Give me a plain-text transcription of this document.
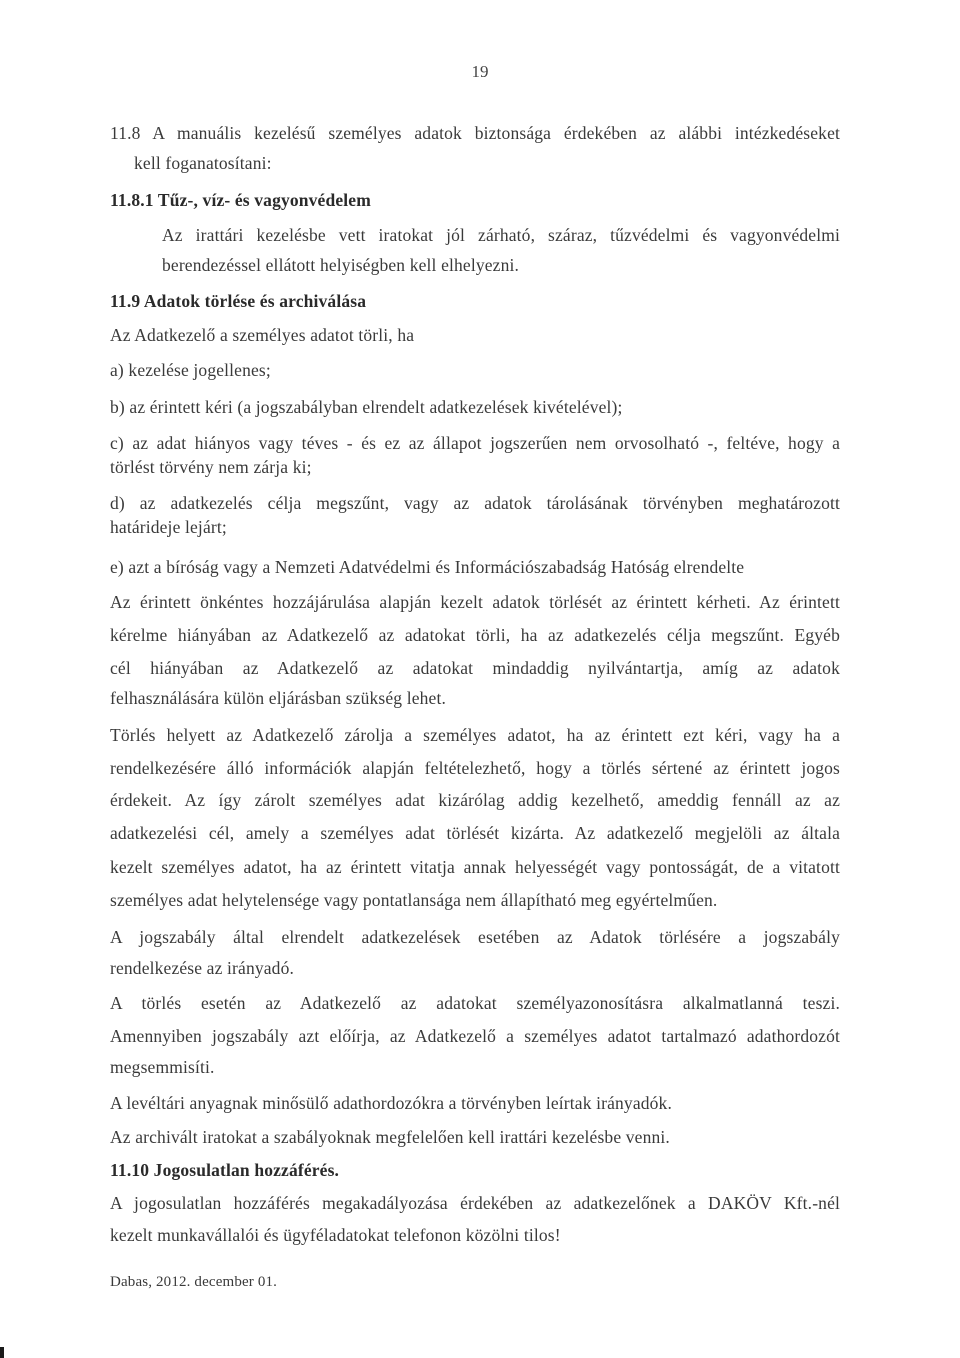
19
11.8 A manuális kezelésű személyes adatok biztonsága érdekében az alábbi intézkedéseket
kell foganatosítani:
11.8.1 Tűz-, víz- és vagyonvédelem
Az irattári kezelésbe vett iratokat jól zárható, száraz, tűzvédelmi és vagyonvédelmi
berendezéssel ellátott helyiségben kell elhelyezni.
11.9 Adatok törlése és archiválása
Az Adatkezelő a személyes adatot törli, ha
a) kezelése jogellenes;
b) az érintett kéri (a jogszabályban elrendelt adatkezelések kivételével);
c) az adat hiányos vagy téves - és ez az állapot jogszerűen nem orvosolható -, feltéve, hogy a
törlést törvény nem zárja ki;
d) az adatkezelés célja megszűnt, vagy az adatok tárolásának törvényben meghatározott
határideje lejárt;
e) azt a bíróság vagy a Nemzeti Adatvédelmi és Információszabadság Hatóság elrendelte
Az érintett önkéntes hozzájárulása alapján kezelt adatok törlését az érintett kérheti. Az érintett
kérelme hiányában az Adatkezelő az adatokat törli, ha az adatkezelés célja megszűnt. Egyéb
cél hiányában az Adatkezelő az adatokat mindaddig nyilvántartja, amíg az adatok
felhasználására külön eljárásban szükség lehet.
Törlés helyett az Adatkezelő zárolja a személyes adatot, ha az érintett ezt kéri, vagy ha a
rendelkezésére álló információk alapján feltételezhető, hogy a törlés sértené az érintett jogos
érdekeit. Az így zárolt személyes adat kizárólag addig kezelhető, ameddig fennáll az az
adatkezelési cél, amely a személyes adat törlését kizárta. Az adatkezelő megjelöli az általa
kezelt személyes adatot, ha az érintett vitatja annak helyességét vagy pontosságát, de a vitatott
személyes adat helytelensége vagy pontatlansága nem állapítható meg egyértelműen.
A jogszabály által elrendelt adatkezelések esetében az Adatok törlésére a jogszabály
rendelkezése az irányadó.
A törlés esetén az Adatkezelő az adatokat személyazonosításra alkalmatlanná teszi.
Amennyiben jogszabály azt előírja, az Adatkezelő a személyes adatot tartalmazó adathordozót
megsemmisíti.
A levéltári anyagnak minősülő adathordozókra a törvényben leírtak irányadók.
Az archivált iratokat a szabályoknak megfelelően kell irattári kezelésbe venni.
11.10 Jogosulatlan hozzáférés.
A jogosulatlan hozzáférés megakadályozása érdekében az adatkezelőnek a DAKÖV Kft.-nél
kezelt munkavállalói és ügyféladatokat telefonon közölni tilos!
Dabas, 2012. december 01.
